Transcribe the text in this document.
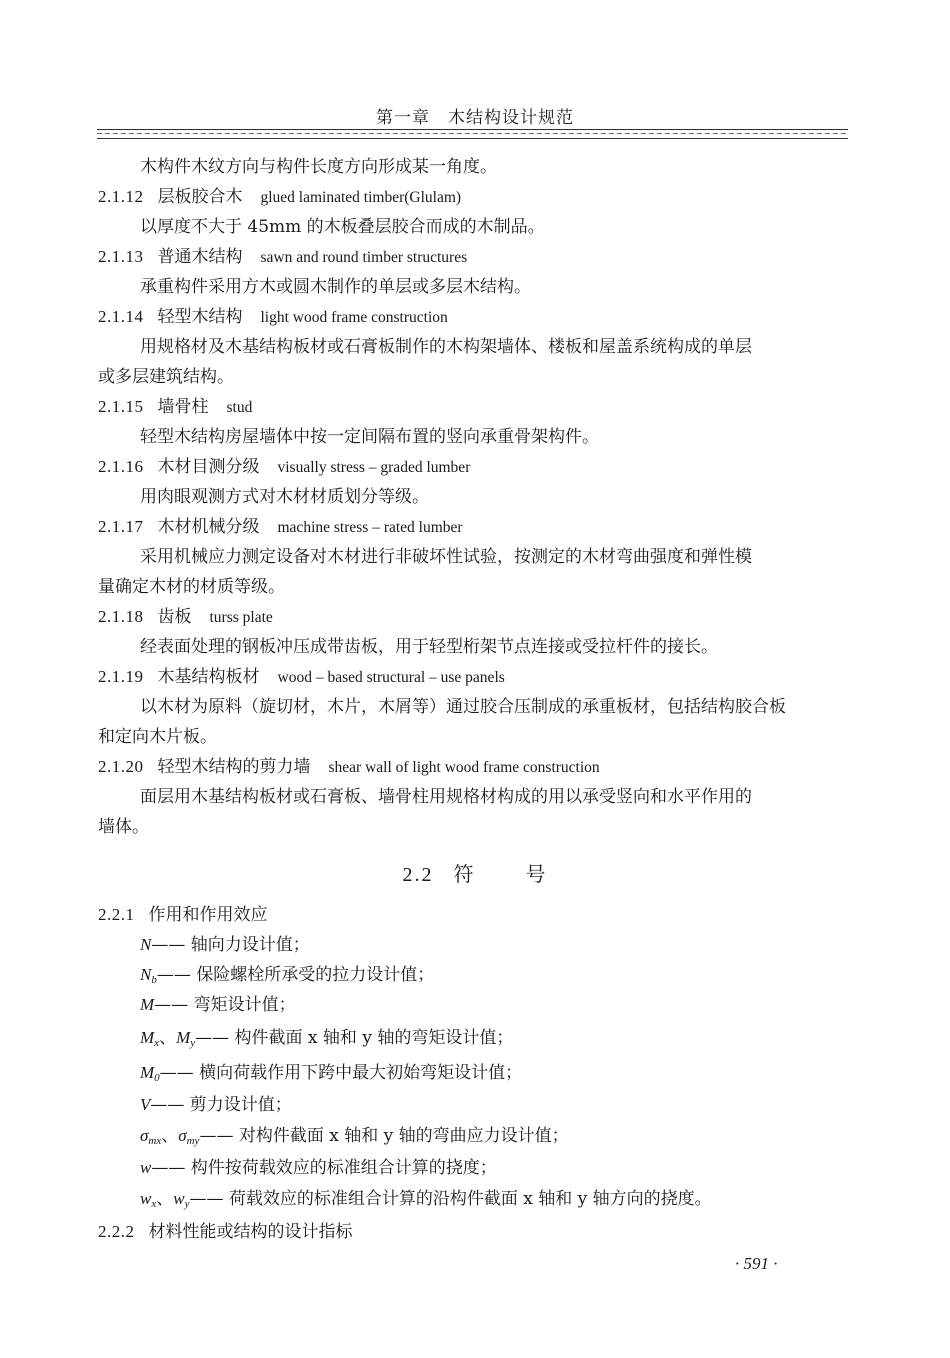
第一章　木结构设计规范
木构件木纹方向与构件长度方向形成某一角度。
2.1.12 层板胶合木 glued laminated timber(Glulam)
以厚度不大于 45mm 的木板叠层胶合而成的木制品。
2.1.13 普通木结构 sawn and round timber structures
承重构件采用方木或圆木制作的单层或多层木结构。
2.1.14 轻型木结构 light wood frame construction
用规格材及木基结构板材或石膏板制作的木构架墙体、楼板和屋盖系统构成的单层
或多层建筑结构。
2.1.15 墙骨柱 stud
轻型木结构房屋墙体中按一定间隔布置的竖向承重骨架构件。
2.1.16 木材目测分级 visually stress – graded lumber
用肉眼观测方式对木材材质划分等级。
2.1.17 木材机械分级 machine stress – rated lumber
采用机械应力测定设备对木材进行非破坏性试验，按测定的木材弯曲强度和弹性模
量确定木材的材质等级。
2.1.18 齿板 turss plate
经表面处理的钢板冲压成带齿板，用于轻型桁架节点连接或受拉杆件的接长。
2.1.19 木基结构板材 wood – based structural – use panels
以木材为原料（旋切材，木片，木屑等）通过胶合压制成的承重板材，包括结构胶合板
和定向木片板。
2.1.20 轻型木结构的剪力墙 shear wall of light wood frame construction
面层用木基结构板材或石膏板、墙骨柱用规格材构成的用以承受竖向和水平作用的
墙体。
2.2 符	号
2.2.1 作用和作用效应
N—— 轴向力设计值；
$N_b——$ 保险螺栓所承受的拉力设计值；
M—— 弯矩设计值；
$M_x$、$M_y——$ 构件截面 x 轴和 y 轴的弯矩设计值；
$M_0——$ 横向荷载作用下跨中最大初始弯矩设计值；
V—— 剪力设计值；
$\sigma_{mx}$、$\sigma_{my}——$ 对构件截面 x 轴和 y 轴的弯曲应力设计值；
w—— 构件按荷载效应的标准组合计算的挠度；
$w_x$、$w_y——$ 荷载效应的标准组合计算的沿构件截面 x 轴和 y 轴方向的挠度。
2.2.2 材料性能或结构的设计指标
· 591 ·
